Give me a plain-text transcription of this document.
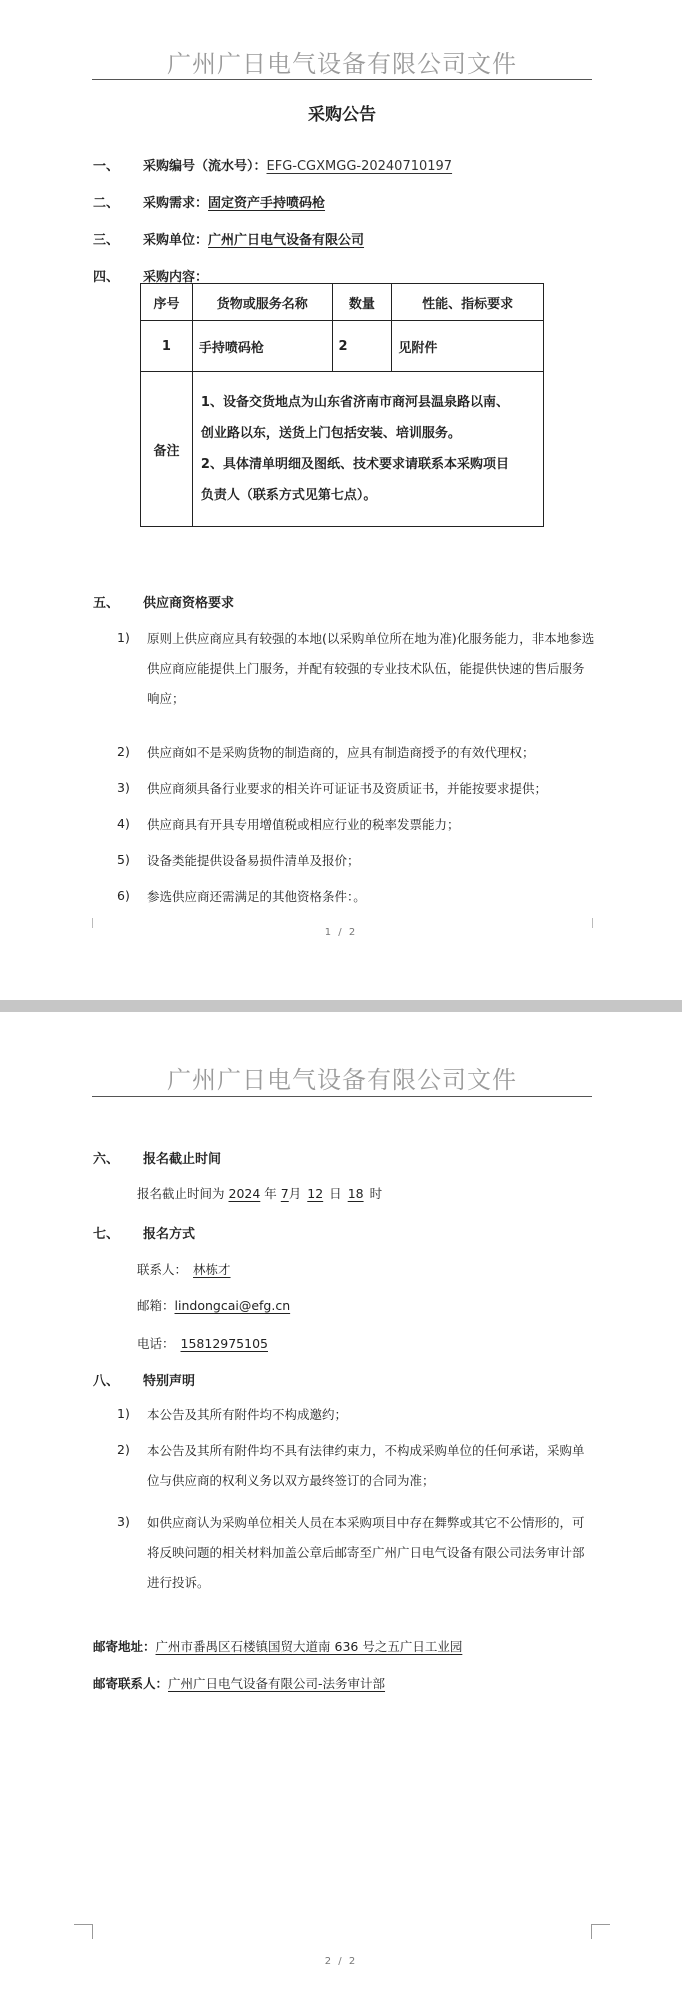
广州广日电气设备有限公司文件
采购公告
一、 采购编号（流水号）：EFG-CGXMGG-20240710197
二、 采购需求：固定资产手持喷码枪
三、 采购单位：广州广日电气设备有限公司
四、 采购内容：
序号	货物或服务名称	数量	性能、指标要求
1	手持喷码枪	2	见附件
备注	1、设备交货地点为山东省济南市商河县温泉路以南、
创业路以东，送货上门包括安装、培训服务。
2、具体清单明细及图纸、技术要求请联系本采购项目
负责人（联系方式见第七点）。		
五、 供应商资格要求
1)	原则上供应商应具有较强的本地(以采购单位所在地为准)化服务能力，非本地参选供应商应能提供上门服务，并配有较强的专业技术队伍，能提供快速的售后服务响应；
2)	供应商如不是采购货物的制造商的，应具有制造商授予的有效代理权；
3)	供应商须具备行业要求的相关许可证证书及资质证书，并能按要求提供；
4)	供应商具有开具专用增值税或相应行业的税率发票能力；
5)	设备类能提供设备易损件清单及报价；
6)	参选供应商还需满足的其他资格条件：。
1 / 2
广州广日电气设备有限公司文件
六、 报名截止时间
报名截止时间为 2024 年 7月 12 日 18 时
七、 报名方式
联系人： 林栋才
邮箱：lindongcai@efg.cn
电话： 15812975105
八、 特别声明
1)	本公告及其所有附件均不构成邀约；
2)	本公告及其所有附件均不具有法律约束力，不构成采购单位的任何承诺，采购单位与供应商的权利义务以双方最终签订的合同为准；
3)	如供应商认为采购单位相关人员在本采购项目中存在舞弊或其它不公情形的，可将反映问题的相关材料加盖公章后邮寄至广州广日电气设备有限公司法务审计部进行投诉。
邮寄地址：广州市番禺区石楼镇国贸大道南 636 号之五广日工业园
邮寄联系人：广州广日电气设备有限公司-法务审计部
2 / 2
